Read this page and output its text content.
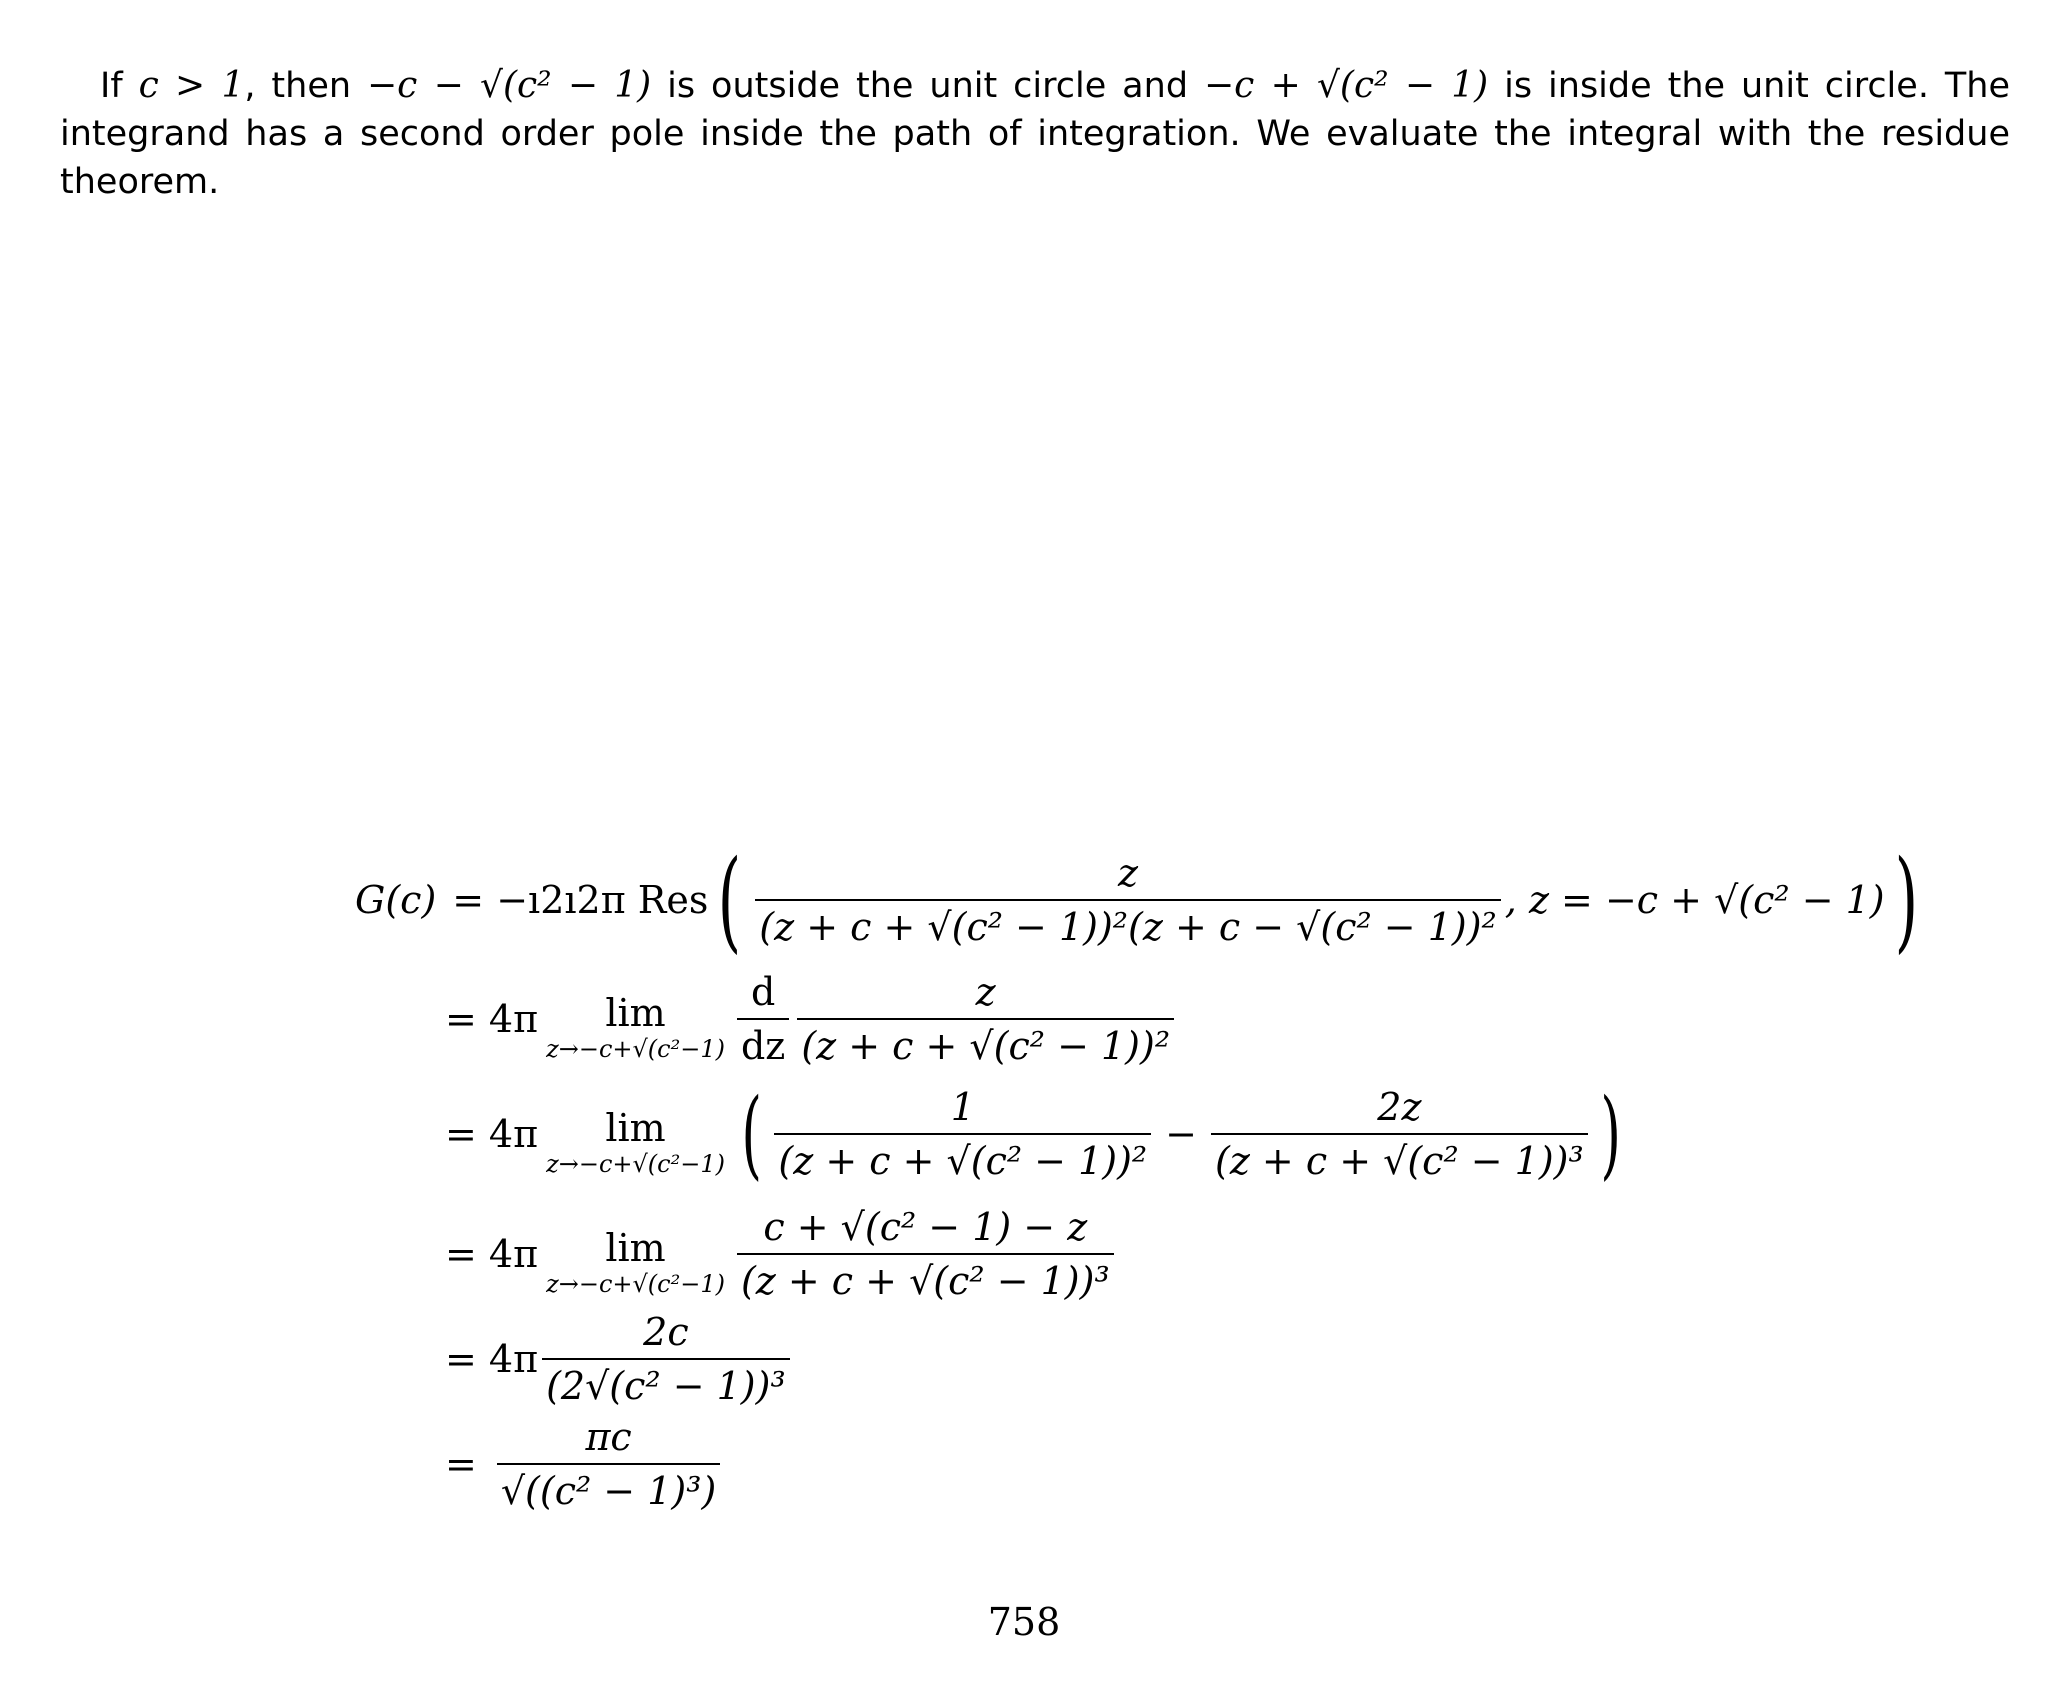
If c > 1, then −c − √(c² − 1) is outside the unit circle and −c + √(c² − 1) is inside the unit circle. The integrand has a second order pole inside the path of integration. We evaluate the integral with the residue theorem.
G(c) = −ı2ı2π Res ( $\frac{z}{\text{(z + c + √(c² − 1))²(z + c − √(c² − 1))²}}$ , z = −c + √(c² − 1) )
= 4π lim
$z\to-c+√(c^2-1) \frac{d}{dz} \frac{z}{\text{(z + c + √(c² − 1))²}}$
= 4π lim
z→−c+√(c²−1) ( $\frac{1}{\text{(z + c + √(c² − 1))²}} - \frac{2z}{\text{(z + c + √(c² − 1))³}}$ )
= 4π lim
$z\to-c+√(c^2-1) \frac{\text{c + √(c² − 1) − z}}{\text{(z + c + √(c² − 1))³}}$
= $4\pi \frac{2c}{\text{(2√(c² − 1))³}}$
= $\frac{\pi c}{\text{√((c² − 1)³)}}$
758
